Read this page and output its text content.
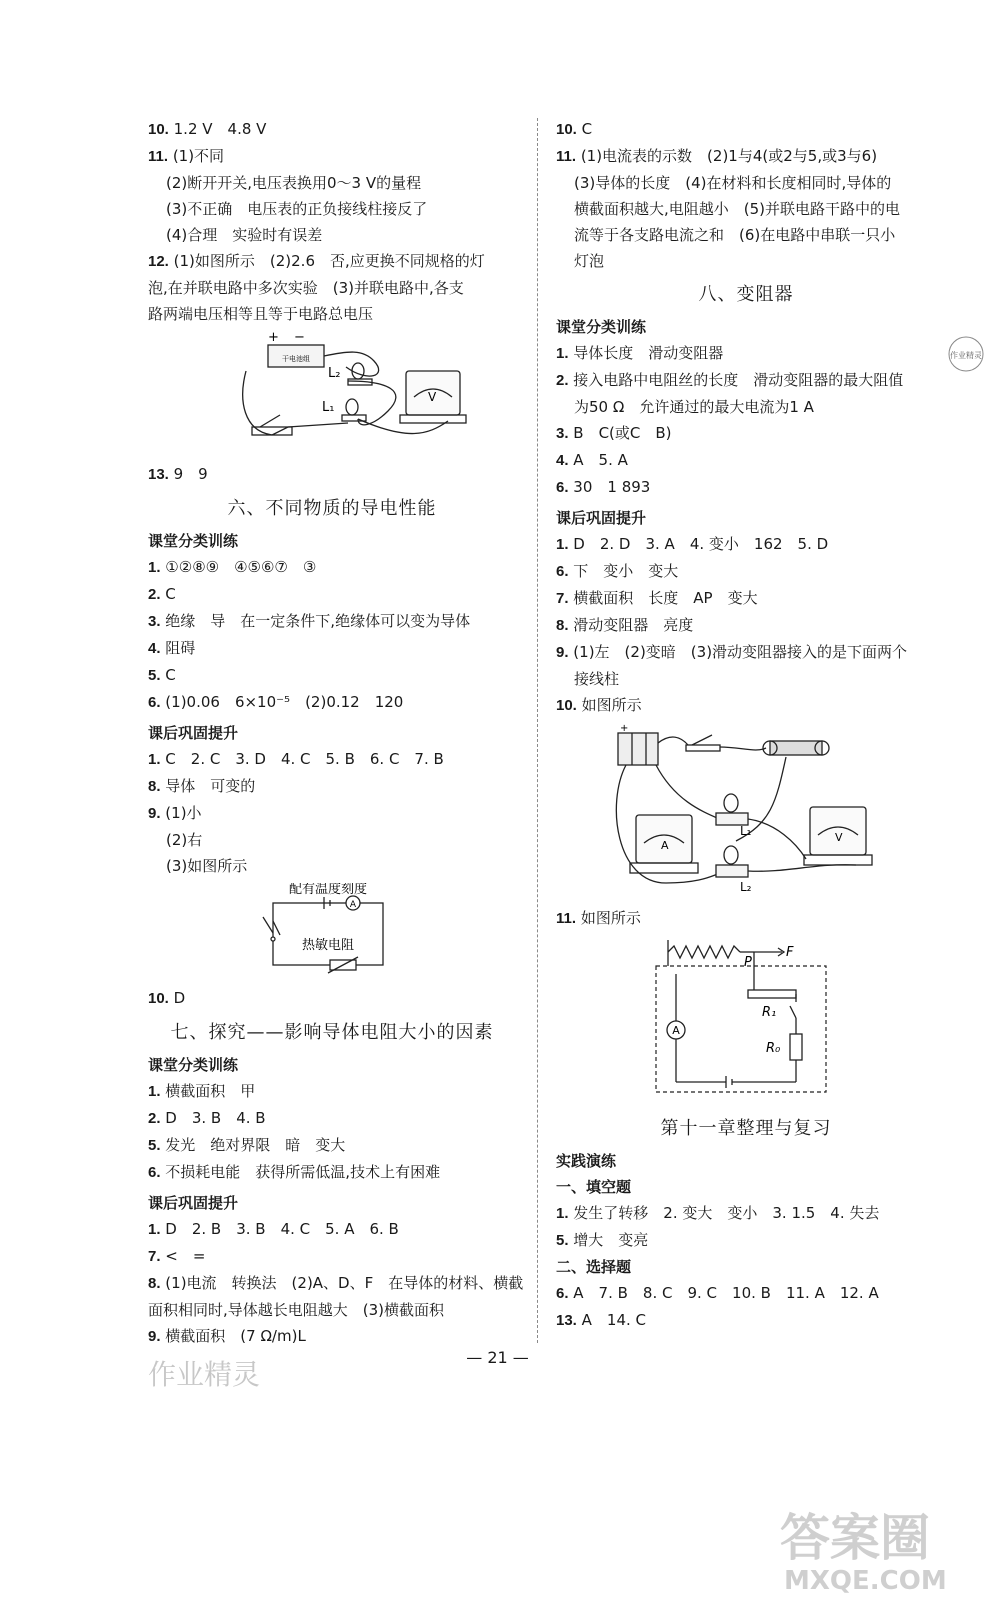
10. 1.2 V　4.8 V
11. (1)不同
(2)断开开关,电压表换用0～3 V的量程
(3)不正确　电压表的正负接线柱接反了
(4)合理　实验时有误差
12. (1)如图所示　(2)2.6　否,应更换不同规格的灯
泡,在并联电路中多次实验　(3)并联电路中,各支
路两端电压相等且等于电路总电压
+ −
干电池组
L₂
L₁
V
13. 9　9
六、不同物质的导电性能
课堂分类训练
1. ①②⑧⑨　④⑤⑥⑦　③
2. C
3. 绝缘　导　在一定条件下,绝缘体可以变为导体
4. 阻碍
5. C
6. (1)0.06　6×10⁻⁵　(2)0.12　120
课后巩固提升
1. C　2. C　3. D　4. C　5. B　6. C　7. B
8. 导体　可变的
9. (1)小
(2)右
(3)如图所示
配有温度刻度
A
热敏电阻
10. D
七、探究——影响导体电阻大小的因素
课堂分类训练
1. 横截面积　甲
2. D　3. B　4. B
5. 发光　绝对界限　暗　变大
6. 不损耗电能　获得所需低温,技术上有困难
课后巩固提升
1. D　2. B　3. B　4. C　5. A　6. B
7. <　=
8. (1)电流　转换法　(2)A、D、F　在导体的材料、横截
面积相同时,导体越长电阻越大　(3)横截面积
9. 横截面积　(7 Ω/m)L
作业精灵
10. C
11. (1)电流表的示数　(2)1与4(或2与5,或3与6)
(3)导体的长度　(4)在材料和长度相同时,导体的
横截面积越大,电阻越小　(5)并联电路干路中的电
流等于各支路电流之和　(6)在电路中串联一只小
灯泡
八、变阻器
课堂分类训练
1. 导体长度　滑动变阻器
2. 接入电路中电阻丝的长度　滑动变阻器的最大阻值
为50 Ω　允许通过的最大电流为1 A
3. B　C(或C　B)
4. A　5. A
6. 30　1 893
课后巩固提升
1. D　2. D　3. A　4. 变小　162　5. D
6. 下　变小　变大
7. 横截面积　长度　AP　变大
8. 滑动变阻器　亮度
9. (1)左　(2)变暗　(3)滑动变阻器接入的是下面两个
接线柱
10. 如图所示
+
A
V
L₁
L₂
11. 如图所示
A
P
F
R₁
R₀
第十一章整理与复习
实践演练
一、填空题
1. 发生了转移　2. 变大　变小　3. 1.5　4. 失去
5. 增大　变亮
二、选择题
6. A　7. B　8. C　9. C　10. B　11. A　12. A
13. A　14. C
— 21 —
作业精灵
答案圈
MXQE.COM
